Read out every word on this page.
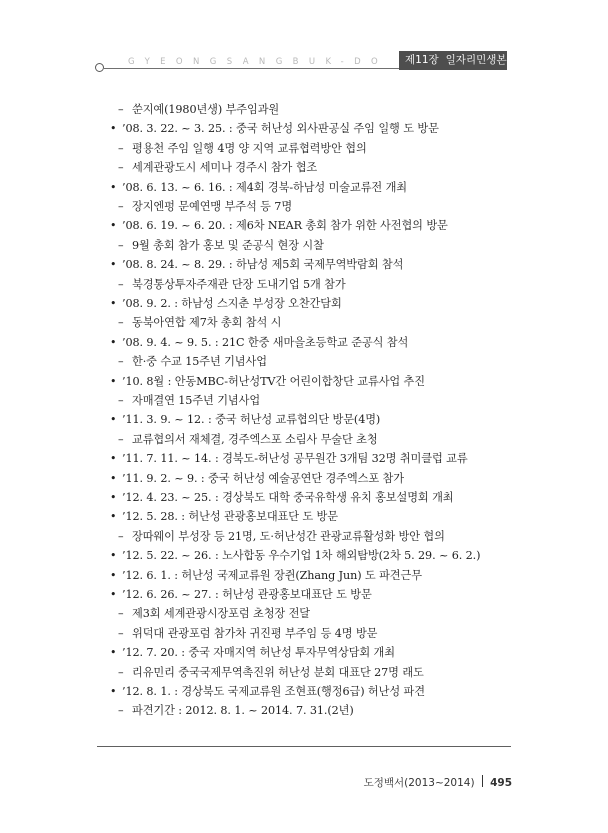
GYEONGSANGBUK-DO	제11장 일자리민생본부
– 쑨지예(1980년생) 부주임과원
• ’08. 3. 22. ~ 3. 25. : 중국 허난성 외사판공실 주임 일행 도 방문
– 평용천 주임 일행 4명 양 지역 교류협력방안 협의
– 세계관광도시 세미나 경주시 참가 협조
• ’08. 6. 13. ~ 6. 16. : 제4회 경북-하남성 미술교류전 개최
– 장지엔펑 문예연맹 부주석 등 7명
• ’08. 6. 19. ~ 6. 20. : 제6차 NEAR 총회 참가 위한 사전협의 방문
– 9월 총회 참가 홍보 및 준공식 현장 시찰
• ’08. 8. 24. ~ 8. 29. : 하남성 제5회 국제무역박람회 참석
– 북경통상투자주재관 단장 도내기업 5개 참가
• ’08. 9. 2. : 하남성 스지춘 부성장 오찬간담회
– 동북아연합 제7차 총회 참석 시
• ’08. 9. 4. ~ 9. 5. : 21C 한중 새마을초등학교 준공식 참석
– 한·중 수교 15주년 기념사업
• ’10. 8월 : 안동MBC-허난성TV간 어린이합창단 교류사업 추진
– 자매결연 15주년 기념사업
• ’11. 3. 9. ~ 12. : 중국 허난성 교류협의단 방문(4명)
– 교류협의서 재체결, 경주엑스포 소림사 무술단 초청
• ’11. 7. 11. ~ 14. : 경북도-허난성 공무원간 3개팀 32명 취미클럽 교류
• ’11. 9. 2. ~ 9. : 중국 허난성 예술공연단 경주엑스포 참가
• ’12. 4. 23. ~ 25. : 경상북도 대학 중국유학생 유치 홍보설명회 개최
• ’12. 5. 28. : 허난성 관광홍보대표단 도 방문
– 장따웨이 부성장 등 21명, 도·허난성간 관광교류활성화 방안 협의
• ’12. 5. 22. ~ 26. : 노사합동 우수기업 1차 해외탐방(2차 5. 29. ~ 6. 2.)
• ’12. 6. 1. : 허난성 국제교류원 장쥔(Zhang Jun) 도 파견근무
• ’12. 6. 26. ~ 27. : 허난성 관광홍보대표단 도 방문
– 제3회 세계관광시장포럼 초청장 전달
– 위덕대 관광포럼 참가차 귀진평 부주임 등 4명 방문
• ’12. 7. 20. : 중국 자매지역 허난성 투자무역상담회 개최
– 리유민리 중국국제무역촉진위 허난성 분회 대표단 27명 래도
• ’12. 8. 1. : 경상북도 국제교류원 조현표(행정6급) 허난성 파견
– 파견기간 : 2012. 8. 1. ~ 2014. 7. 31.(2년)
도정백서(2013~2014) 495
